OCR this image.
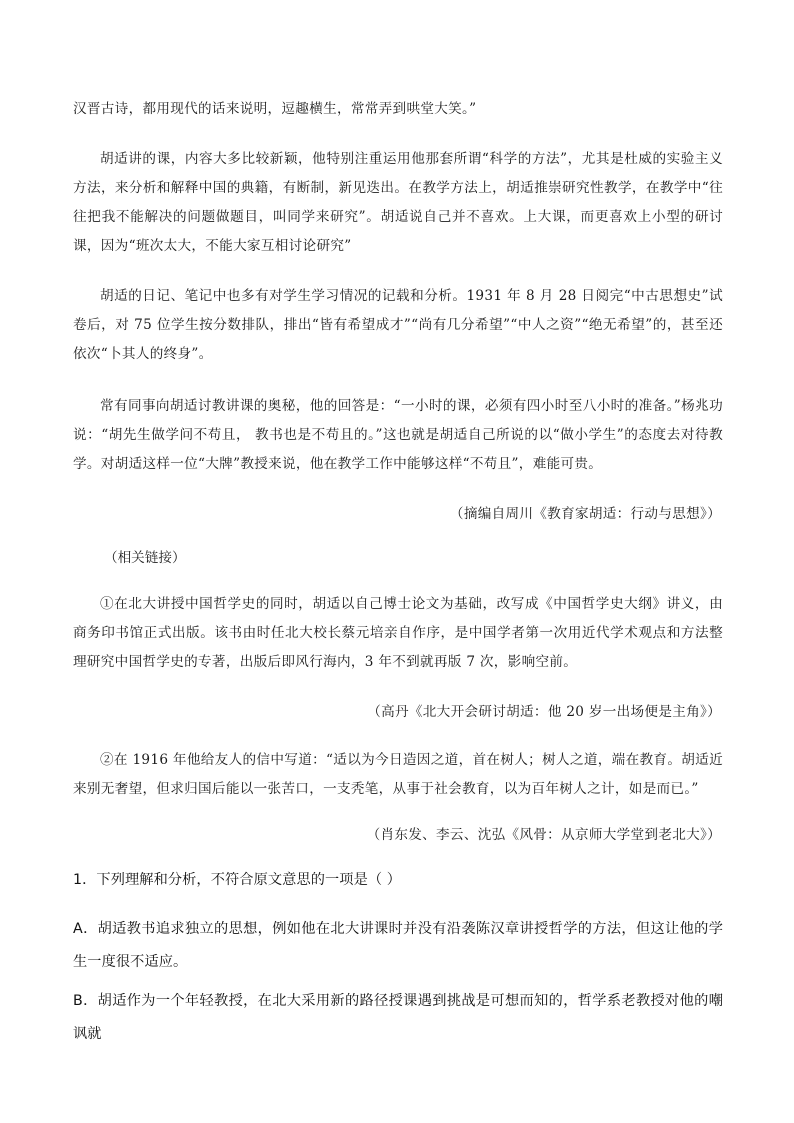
汉晋古诗，都用现代的话来说明，逗趣横生，常常弄到哄堂大笑。”

胡适讲的课，内容大多比较新颖，他特别注重运用他那套所谓“科学的方法”，尤其是杜威的实验主义方法，来分析和解释中国的典籍，有断制，新见迭出。在教学方法上，胡适推崇研究性教学，在教学中“往往把我不能解决的问题做题目，叫同学来研究”。胡适说自己并不喜欢。上大课，而更喜欢上小型的研讨课，因为“班次太大，不能大家互相讨论研究”

胡适的日记、笔记中也多有对学生学习情况的记载和分析。1931 年 8 月 28 日阅完“中古思想史”试卷后，对 75 位学生按分数排队，排出“皆有希望成才”“尚有几分希望”“中人之资”“绝无希望”的，甚至还依次“卜其人的终身”。

常有同事向胡适讨教讲课的奥秘，他的回答是：“一小时的课，必须有四小时至八小时的准备。”杨兆功说：“胡先生做学问不苟且， 教书也是不苟且的。”这也就是胡适自己所说的以“做小学生”的态度去对待教学。对胡适这样一位“大牌”教授来说，他在教学工作中能够这样“不苟且”，难能可贵。

（摘编自周川《教育家胡适：行动与思想》）

（相关链接）

①在北大讲授中国哲学史的同时，胡适以自己博士论文为基础，改写成《中国哲学史大纲》讲义，由商务印书馆正式出版。该书由时任北大校长蔡元培亲自作序，是中国学者第一次用近代学术观点和方法整理研究中国哲学史的专著，出版后即风行海内，3 年不到就再版 7 次，影响空前。

（高丹《北大开会研讨胡适：他 20 岁一出场便是主角》）

②在 1916 年他给友人的信中写道：“适以为今日造因之道，首在树人；树人之道，端在教育。胡适近来别无奢望，但求归国后能以一张苦口，一支秃笔，从事于社会教育，以为百年树人之计，如是而已。”

（肖东发、李云、沈弘《风骨：从京师大学堂到老北大》）

1．下列理解和分析，不符合原文意思的一项是（ ）

A．胡适教书追求独立的思想，例如他在北大讲课时并没有沿袭陈汉章讲授哲学的方法，但这让他的学生一度很不适应。

B．胡适作为一个年轻教授，在北大采用新的路径授课遇到挑战是可想而知的，哲学系老教授对他的嘲讽就
